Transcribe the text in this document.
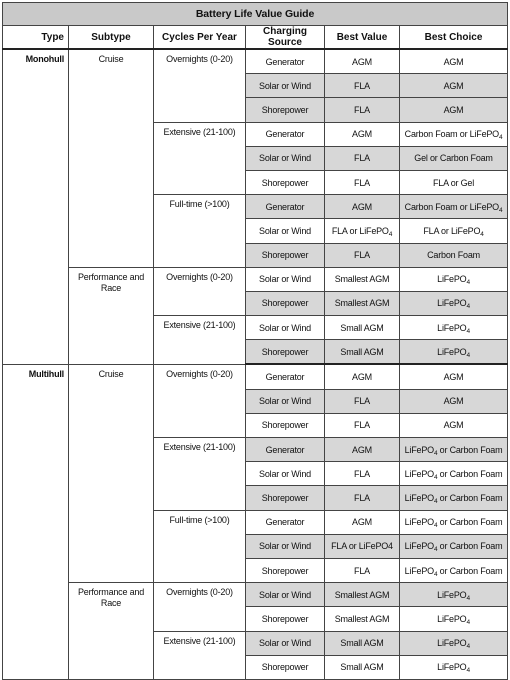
Battery Life Value Guide					
Type	Subtype	Cycles Per Year	Charging Source	Best Value	Best Choice
Monohull	Cruise	Overnights (0-20)	Generator	AGM	AGM
			Solar or Wind	FLA	AGM
			Shorepower	FLA	AGM
		Extensive (21-100)	Generator	AGM	Carbon Foam or LiFePO$_4$
			Solar or Wind	FLA	Gel or Carbon Foam
			Shorepower	FLA	FLA or Gel
		Full-time (>100)	Generator	AGM	Carbon Foam or LiFePO$_4$
			Solar or Wind	FLA or LiFePO$_4$	FLA or LiFePO$_4$
			Shorepower	FLA	Carbon Foam
	Performance and Race	Overnights (0-20)	Solar or Wind	Smallest AGM	LiFePO$_4$
			Shorepower	Smallest AGM	LiFePO$_4$
		Extensive (21-100)	Solar or Wind	Small AGM	LiFePO$_4$
			Shorepower	Small AGM	LiFePO$_4$
Multihull	Cruise	Overnights (0-20)	Generator	AGM	AGM
			Solar or Wind	FLA	AGM
			Shorepower	FLA	AGM
		Extensive (21-100)	Generator	AGM	LiFePO$_4$ or Carbon Foam
			Solar or Wind	FLA	LiFePO$_4$ or Carbon Foam
			Shorepower	FLA	LiFePO$_4$ or Carbon Foam
		Full-time (>100)	Generator	AGM	LiFePO$_4$ or Carbon Foam
			Solar or Wind	FLA or LiFePO4	LiFePO$_4$ or Carbon Foam
			Shorepower	FLA	LiFePO$_4$ or Carbon Foam
	Performance and Race	Overnights (0-20)	Solar or Wind	Smallest AGM	LiFePO$_4$
			Shorepower	Smallest AGM	LiFePO$_4$
		Extensive (21-100)	Solar or Wind	Small AGM	LiFePO$_4$
			Shorepower	Small AGM	LiFePO$_4$
